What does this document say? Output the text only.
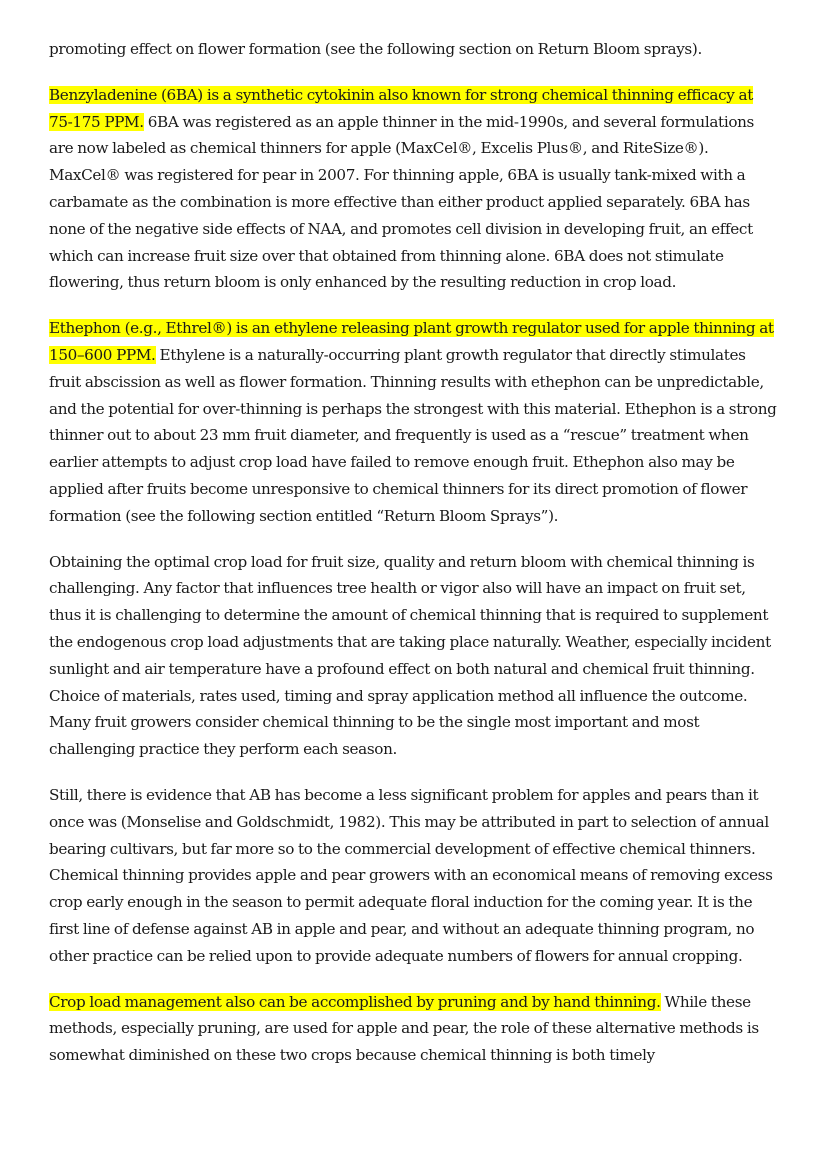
promoting effect on flower formation (see the following section on Return Bloom sprays).

Benzyladenine (6BA) is a synthetic cytokinin also known for strong chemical thinning efficacy at 75-175 PPM. 6BA was registered as an apple thinner in the mid-1990s, and several formulations are now labeled as chemical thinners for apple (MaxCel®, Excelis Plus®, and RiteSize®). MaxCel® was registered for pear in 2007. For thinning apple, 6BA is usually tank-mixed with a carbamate as the combination is more effective than either product applied separately. 6BA has none of the negative side effects of NAA, and promotes cell division in developing fruit, an effect which can increase fruit size over that obtained from thinning alone. 6BA does not stimulate flowering, thus return bloom is only enhanced by the resulting reduction in crop load.

Ethephon (e.g., Ethrel®) is an ethylene releasing plant growth regulator used for apple thinning at 150–600 PPM. Ethylene is a naturally-occurring plant growth regulator that directly stimulates fruit abscission as well as flower formation. Thinning results with ethephon can be unpredictable, and the potential for over-thinning is perhaps the strongest with this material. Ethephon is a strong thinner out to about 23 mm fruit diameter, and frequently is used as a “rescue” treatment when earlier attempts to adjust crop load have failed to remove enough fruit. Ethephon also may be applied after fruits become unresponsive to chemical thinners for its direct promotion of flower formation (see the following section entitled “Return Bloom Sprays”).

Obtaining the optimal crop load for fruit size, quality and return bloom with chemical thinning is challenging. Any factor that influences tree health or vigor also will have an impact on fruit set, thus it is challenging to determine the amount of chemical thinning that is required to supplement the endogenous crop load adjustments that are taking place naturally. Weather, especially incident sunlight and air temperature have a profound effect on both natural and chemical fruit thinning. Choice of materials, rates used, timing and spray application method all influence the outcome. Many fruit growers consider chemical thinning to be the single most important and most challenging practice they perform each season.

Still, there is evidence that AB has become a less significant problem for apples and pears than it once was (Monselise and Goldschmidt, 1982). This may be attributed in part to selection of annual bearing cultivars, but far more so to the commercial development of effective chemical thinners. Chemical thinning provides apple and pear growers with an economical means of removing excess crop early enough in the season to permit adequate floral induction for the coming year. It is the first line of defense against AB in apple and pear, and without an adequate thinning program, no other practice can be relied upon to provide adequate numbers of flowers for annual cropping.

Crop load management also can be accomplished by pruning and by hand thinning. While these methods, especially pruning, are used for apple and pear, the role of these alternative methods is somewhat diminished on these two crops because chemical thinning is both timely
